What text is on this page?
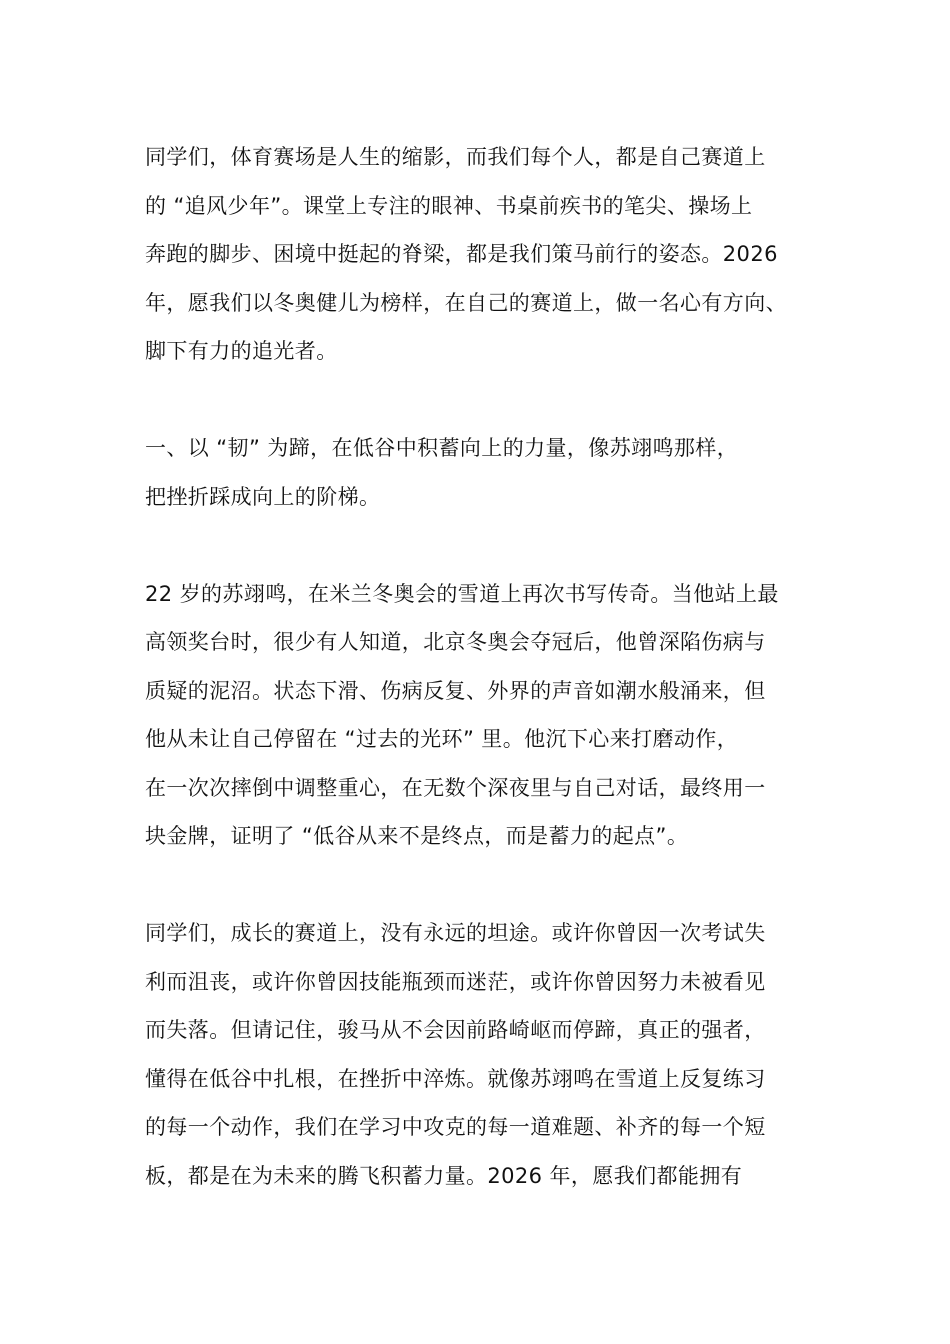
同学们，体育赛场是人生的缩影，而我们每个人，都是自己赛道上
的 “追风少年”。课堂上专注的眼神、书桌前疾书的笔尖、操场上
奔跑的脚步、困境中挺起的脊梁，都是我们策马前行的姿态。2026
年，愿我们以冬奥健儿为榜样，在自己的赛道上，做一名心有方向、
脚下有力的追光者。
一、以 “韧” 为蹄，在低谷中积蓄向上的力量，像苏翊鸣那样，
把挫折踩成向上的阶梯。
22 岁的苏翊鸣，在米兰冬奥会的雪道上再次书写传奇。当他站上最
高领奖台时，很少有人知道，北京冬奥会夺冠后，他曾深陷伤病与
质疑的泥沼。状态下滑、伤病反复、外界的声音如潮水般涌来，但
他从未让自己停留在 “过去的光环” 里。他沉下心来打磨动作，
在一次次摔倒中调整重心，在无数个深夜里与自己对话，最终用一
块金牌，证明了 “低谷从来不是终点，而是蓄力的起点”。
同学们，成长的赛道上，没有永远的坦途。或许你曾因一次考试失
利而沮丧，或许你曾因技能瓶颈而迷茫，或许你曾因努力未被看见
而失落。但请记住，骏马从不会因前路崎岖而停蹄，真正的强者，
懂得在低谷中扎根，在挫折中淬炼。就像苏翊鸣在雪道上反复练习
的每一个动作，我们在学习中攻克的每一道难题、补齐的每一个短
板，都是在为未来的腾飞积蓄力量。2026 年，愿我们都能拥有
